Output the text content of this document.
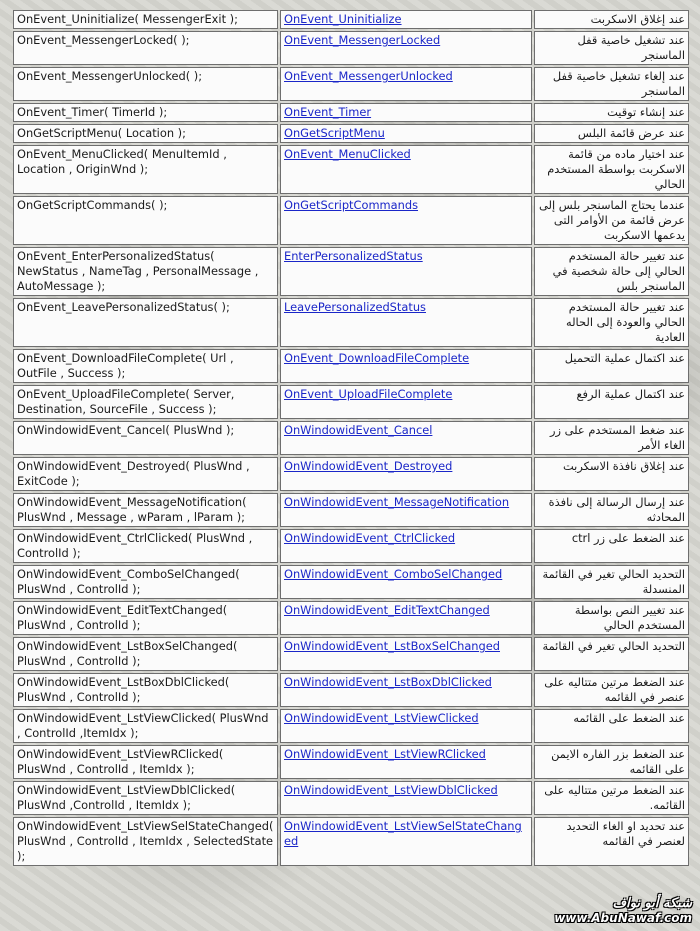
OnEvent_Uninitialize( MessengerExit );	OnEvent_Uninitialize	عند إغلاق الاسكربت
OnEvent_MessengerLocked( );	OnEvent_MessengerLocked	عند تشغيل خاصية قفل الماسنجر
OnEvent_MessengerUnlocked( );	OnEvent_MessengerUnlocked	عند إلغاء تشغيل خاصية قفل الماسنجر
OnEvent_Timer( TimerId );	OnEvent_Timer	عند إنشاء توقيت
OnGetScriptMenu( Location );	OnGetScriptMenu	عند عرض قائمة البلس
OnEvent_MenuClicked( MenuItemId , Location , OriginWnd );	OnEvent_MenuClicked	عند اختيار ماده من قائمة الاسكربت بواسطة المستخدم الحالي
OnGetScriptCommands( );	OnGetScriptCommands	عندما يحتاج الماسنجر بلس إلى عرض قائمة من الأوامر التى يدعمها الاسكربت
OnEvent_EnterPersonalizedStatus( NewStatus , NameTag , PersonalMessage , AutoMessage );	EnterPersonalizedStatus	عند تغيير حالة المستخدم الحالي إلى حالة شخصية في الماسنجر بلس
OnEvent_LeavePersonalizedStatus( );	LeavePersonalizedStatus	عند تغيير حالة المستخدم الحالي والعودة إلى الحاله العادية
OnEvent_DownloadFileComplete( Url , OutFile , Success );	OnEvent_DownloadFileComplete	عند اكتمال عملية التحميل
OnEvent_UploadFileComplete( Server, Destination, SourceFile , Success );	OnEvent_UploadFileComplete	عند اكتمال عملية الرفع
OnWindowidEvent_Cancel( PlusWnd );	OnWindowidEvent_Cancel	عند ضغط المستخدم على زر الغاء الأمر
OnWindowidEvent_Destroyed( PlusWnd , ExitCode );	OnWindowidEvent_Destroyed	عند إغلاق نافذة الاسكربت
OnWindowidEvent_MessageNotification( PlusWnd , Message , wParam , lParam );	OnWindowidEvent_MessageNotification	عند إرسال الرسالة إلى نافذة المحادثه
OnWindowidEvent_CtrlClicked( PlusWnd , ControlId );	OnWindowidEvent_CtrlClicked	عند الضغط على زر ctrl
OnWindowidEvent_ComboSelChanged( PlusWnd , ControlId );	OnWindowidEvent_ComboSelChanged	التحديد الحالي تغير في القائمة المنسدلة
OnWindowidEvent_EditTextChanged( PlusWnd , ControlId );	OnWindowidEvent_EditTextChanged	عند تغيير النص بواسطة المستخدم الحالي
OnWindowidEvent_LstBoxSelChanged( PlusWnd , ControlId );	OnWindowidEvent_LstBoxSelChanged	التحديد الحالي تغير في القائمة
OnWindowidEvent_LstBoxDblClicked( PlusWnd , ControlId );	OnWindowidEvent_LstBoxDblClicked	عند الضغط مرتين متتاليه على عنصر في القائمه
OnWindowidEvent_LstViewClicked( PlusWnd , ControlId ,ItemIdx );	OnWindowidEvent_LstViewClicked	عند الضغط على القائمه
OnWindowidEvent_LstViewRClicked( PlusWnd , ControlId , ItemIdx );	OnWindowidEvent_LstViewRClicked	عند الضغط بزر الفاره الايمن على القائمه
OnWindowidEvent_LstViewDblClicked( PlusWnd ,ControlId , ItemIdx );	OnWindowidEvent_LstViewDblClicked	عند الضغط مرتين متتاليه على القائمه.
OnWindowidEvent_LstViewSelStateChanged( PlusWnd , ControlId , ItemIdx , SelectedState );	OnWindowidEvent_LstViewSelStateChanged	عند تحديد او الغاء التحديد لعنصر في القائمه
شبكة أبو نواف
www.AbuNawaf.com
